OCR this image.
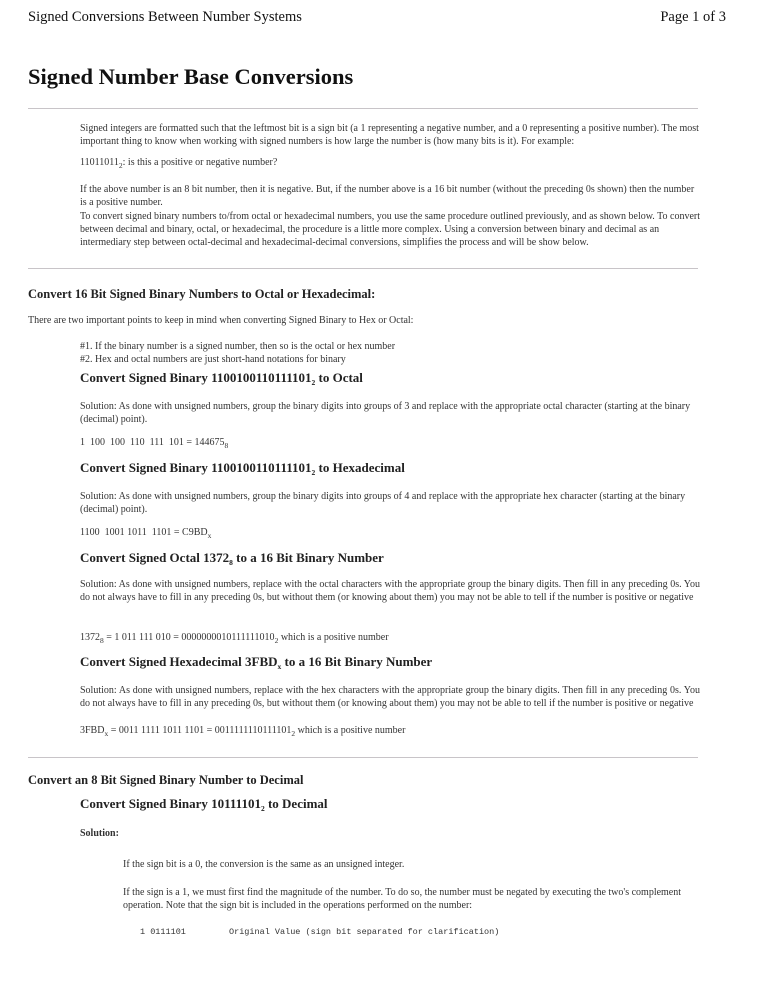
Signed Conversions Between Number Systems	Page 1 of 3
Signed Number Base Conversions
Signed integers are formatted such that the leftmost bit is a sign bit (a 1 representing a negative number, and a 0 representing a positive number). The most important thing to know when working with signed numbers is how large the number is (how many bits is it). For example:
$11011011_2$: is this a positive or negative number?
If the above number is an 8 bit number, then it is negative. But, if the number above is a 16 bit number (without the preceding 0s shown) then the number is a positive number.
To convert signed binary numbers to/from octal or hexadecimal numbers, you use the same procedure outlined previously, and as shown below. To convert between decimal and binary, octal, or hexadecimal, the procedure is a little more complex. Using a conversion between binary and decimal as an intermediary step between octal-decimal and hexadecimal-decimal conversions, simplifies the process and will be show below.
Convert 16 Bit Signed Binary Numbers to Octal or Hexadecimal:
There are two important points to keep in mind when converting Signed Binary to Hex or Octal:
#1. If the binary number is a signed number, then so is the octal or hex number
#2. Hex and octal numbers are just short-hand notations for binary
Convert Signed Binary $1100100110111101_2$ to Octal
Solution: As done with unsigned numbers, group the binary digits into groups of 3 and replace with the appropriate octal character (starting at the binary (decimal) point).
1  100  100  110  111  $101 = 144675_8$
Convert Signed Binary $1100100110111101_2$ to Hexadecimal
Solution: As done with unsigned numbers, group the binary digits into groups of 4 and replace with the appropriate hex character (starting at the binary (decimal) point).
1100  1001 1011  $1101 = C9BD_x$
Convert Signed Octal $1372_8$ to a 16 Bit Binary Number
Solution: As done with unsigned numbers, replace with the octal characters with the appropriate group the binary digits. Then fill in any preceding 0s. You do not always have to fill in any preceding 0s, but without them (or knowing about them) you may not be able to tell if the number is positive or negative
$1372_8 = 1$ 011 111 $010 = 0000000010111111010_2$ which is a positive number
Convert Signed Hexadecimal $3FBD_x$ to a 16 Bit Binary Number
Solution: As done with unsigned numbers, replace with the hex characters with the appropriate group the binary digits. Then fill in any preceding 0s. You do not always have to fill in any preceding 0s, but without them (or knowing about them) you may not be able to tell if the number is positive or negative
$3FBD_x = 0011$ 1111 1011 $1101 = 0011111110111101_2$ which is a positive number
Convert an 8 Bit Signed Binary Number to Decimal
Convert Signed Binary $10111101_2$ to Decimal
Solution:
If the sign bit is a 0, the conversion is the same as an unsigned integer.
If the sign is a 1, we must first find the magnitude of the number. To do so, the number must be negated by executing the two's complement operation. Note that the sign bit is included in the operations performed on the number:
1 0111101	Original Value (sign bit separated for clarification)
